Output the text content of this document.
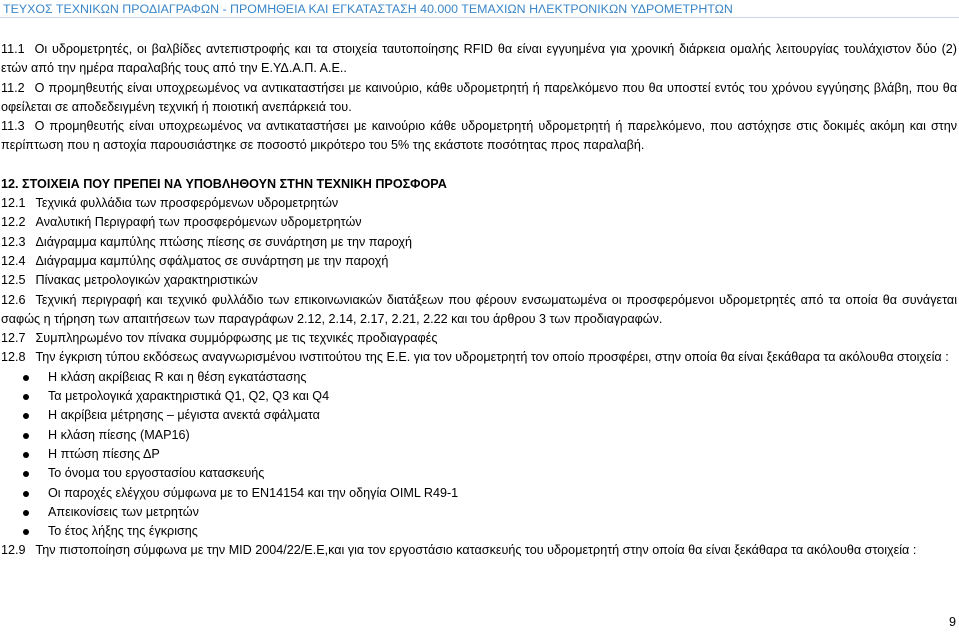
ΤΕΥΧΟΣ ΤΕΧΝΙΚΩΝ ΠΡΟΔΙΑΓΡΑΦΩΝ - ΠΡΟΜΗΘΕΙΑ ΚΑΙ ΕΓΚΑΤΑΣΤΑΣΗ 40.000 ΤΕΜΑΧΙΩΝ ΗΛΕΚΤΡΟΝΙΚΩΝ ΥΔΡΟΜΕΤΡΗΤΩΝ

11.1 Οι υδρομετρητές, οι βαλβίδες αντεπιστροφής και τα στοιχεία ταυτοποίησης RFID θα είναι εγγυημένα για χρονική διάρκεια ομαλής λειτουργίας τουλάχιστον δύο (2) ετών από την ημέρα παραλαβής τους από την Ε.ΥΔ.Α.Π. Α.Ε..

11.2 Ο προμηθευτής είναι υποχρεωμένος να αντικαταστήσει με καινούριο, κάθε υδρομετρητή ή παρελκόμενο που θα υποστεί εντός του χρόνου εγγύησης βλάβη, που θα οφείλεται σε αποδεδειγμένη τεχνική ή ποιοτική ανεπάρκειά του.

11.3 Ο προμηθευτής είναι υποχρεωμένος να αντικαταστήσει με καινούριο κάθε υδρομετρητή υδρομετρητή ή παρελκόμενο, που αστόχησε στις δοκιμές ακόμη και στην περίπτωση που η αστοχία παρουσιάστηκε σε ποσοστό μικρότερο του 5% της εκάστοτε ποσότητας προς παραλαβή.

12. ΣΤΟΙΧΕΙΑ ΠΟΥ ΠΡΕΠΕΙ ΝΑ ΥΠΟΒΛΗΘΟΥΝ ΣΤΗΝ ΤΕΧΝΙΚΗ ΠΡΟΣΦΟΡΑ

12.1 Τεχνικά φυλλάδια των προσφερόμενων υδρομετρητών

12.2 Αναλυτική Περιγραφή των προσφερόμενων υδρομετρητών

12.3 Διάγραμμα καμπύλης πτώσης πίεσης σε συνάρτηση με την παροχή

12.4 Διάγραμμα καμπύλης σφάλματος σε συνάρτηση με την παροχή

12.5 Πίνακας μετρολογικών χαρακτηριστικών

12.6 Τεχνική περιγραφή και τεχνικό φυλλάδιο των επικοινωνιακών διατάξεων που φέρουν ενσωματωμένα οι προσφερόμενοι υδρομετρητές από τα οποία θα συνάγεται σαφώς η τήρηση των απαιτήσεων των παραγράφων 2.12, 2.14, 2.17, 2.21, 2.22 και του άρθρου 3 των προδιαγραφών.

12.7 Συμπληρωμένο τον πίνακα συμμόρφωσης με τις τεχνικές προδιαγραφές

12.8 Την έγκριση τύπου εκδόσεως αναγνωρισμένου ινστιτούτου της Ε.Ε. για τον υδρομετρητή τον οποίο προσφέρει, στην οποία θα είναι ξεκάθαρα τα ακόλουθα στοιχεία :

Η κλάση ακρίβειας R και η θέση εγκατάστασης
Τα μετρολογικά χαρακτηριστικά Q1, Q2, Q3 και Q4
Η ακρίβεια μέτρησης – μέγιστα ανεκτά σφάλματα
Η κλάση πίεσης (MAP16)
Η πτώση πίεσης ΔP
Το όνομα του εργοστασίου κατασκευής
Οι παροχές ελέγχου σύμφωνα με το EN14154 και την οδηγία OIML R49-1
Απεικονίσεις των μετρητών
Το έτος λήξης της έγκρισης

12.9 Την πιστοποίηση σύμφωνα με την MID 2004/22/Ε.Ε,και για τον εργοστάσιο κατασκευής του υδρομετρητή στην οποία θα είναι ξεκάθαρα τα ακόλουθα στοιχεία :

9
